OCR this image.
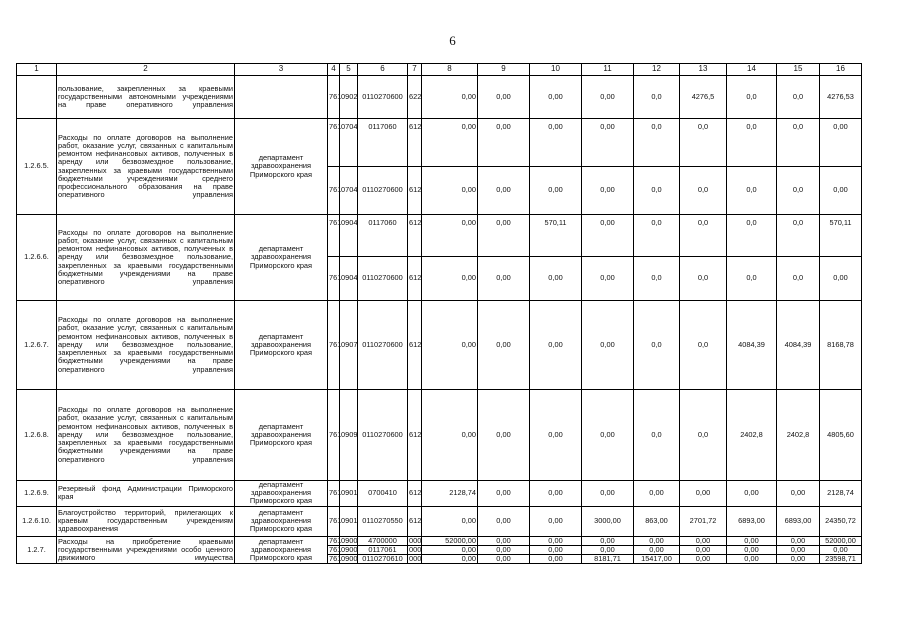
6
1	2	3	4	5	6	7	8	9	10	11	12	13	14	15	16
	пользование, закрепленных за краевыми государственными автономными учреждениями на праве оперативного управления		761	0902	0110270600	622	0,00	0,00	0,00	0,00	0,0	4276,5	0,0	0,0	4276,53
1.2.6.5.	Расходы по оплате договоров на выполнение работ, оказание услуг, связанных с капитальным ремонтом нефинансовых активов, полученных в аренду или безвозмездное пользование, закрепленных за краевыми государственными бюджетными учреждениями среднего профессионального образования на праве оперативного управления	департамент здравоохранения Приморского края	761	0704	0117060	612	0,00	0,00	0,00	0,00	0,0	0,0	0,0	0,0	0,00
			761	0704	0110270600	612	0,00	0,00	0,00	0,00	0,0	0,0	0,0	0,0	0,00
1.2.6.6.	Расходы по оплате договоров на выполнение работ, оказание услуг, связанных с капитальным ремонтом нефинансовых активов, полученных в аренду или безвозмездное пользование, закрепленных за краевыми государственными бюджетными учреждениями на праве оперативного управления	департамент здравоохранения Приморского края	761	0904	0117060	612	0,00	0,00	570,11	0,00	0,0	0,0	0,0	0,0	570,11
			761	0904	0110270600	612	0,00	0,00	0,00	0,00	0,0	0,0	0,0	0,0	0,00
1.2.6.7.	Расходы по оплате договоров на выполнение работ, оказание услуг, связанных с капитальным ремонтом нефинансовых активов, полученных в аренду или безвозмездное пользование, закрепленных за краевыми государственными бюджетными учреждениями на праве оперативного управления	департамент здравоохранения Приморского края	761	0907	0110270600	612	0,00	0,00	0,00	0,00	0,0	0,0	4084,39	4084,39	8168,78
1.2.6.8.	Расходы по оплате договоров на выполнение работ, оказание услуг, связанных с капитальным ремонтом нефинансовых активов, полученных в аренду или безвозмездное пользование, закрепленных за краевыми государственными бюджетными учреждениями на праве оперативного управления	департамент здравоохранения Приморского края	761	0909	0110270600	612	0,00	0,00	0,00	0,00	0,0	0,0	2402,8	2402,8	4805,60
1.2.6.9.	Резервный фонд Администрации Приморского края	департамент здравоохранения Приморского края	761	0901	0700410	612	2128,74	0,00	0,00	0,00	0,00	0,00	0,00	0,00	2128,74
1.2.6.10.	Благоустройство территорий, прилегающих к краевым государственным учреждениям здравоохранения	департамент здравоохранения Приморского края	761	0901	0110270550	612	0,00	0,00	0,00	3000,00	863,00	2701,72	6893,00	6893,00	24350,72
1.2.7.	Расходы на приобретение краевыми государственными учреждениями особо ценного движимого имущества	департамент здравоохранения Приморского края	761	0900	4700000	000	52000,00	0,00	0,00	0,00	0,00	0,00	0,00	0,00	52000,00
			761	0900	0117061	000	0,00	0,00	0,00	0,00	0,00	0,00	0,00	0,00	0,00
			761	0900	0110270610	000	0,00	0,00	0,00	8181,71	15417,00	0,00	0,00	0,00	23598,71
